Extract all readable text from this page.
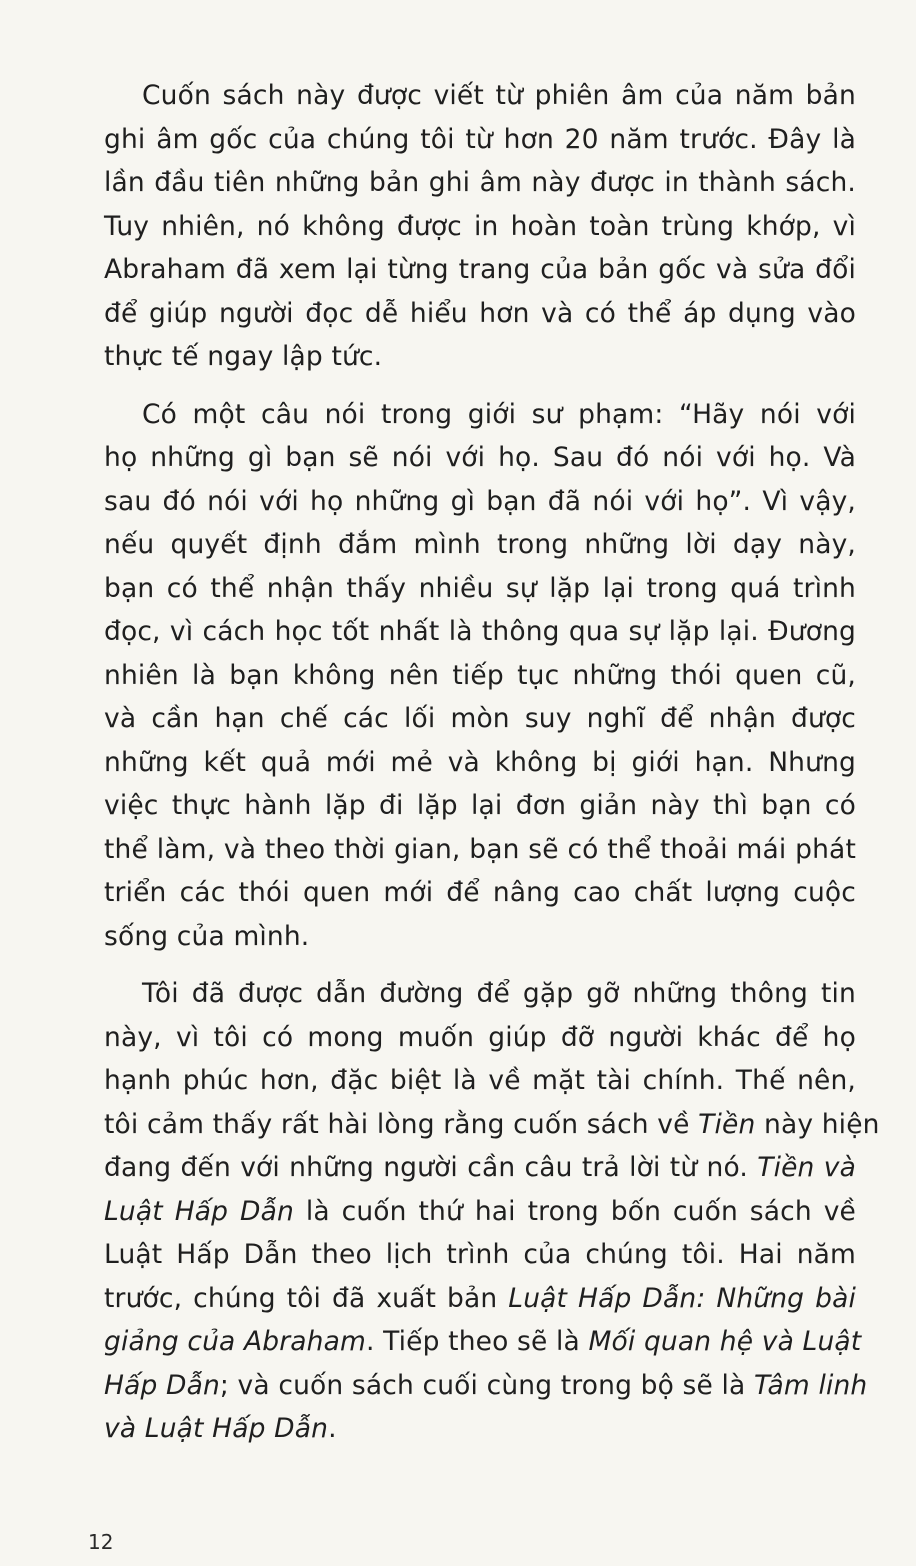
Cuốn sách này được viết từ phiên âm của năm bản
ghi âm gốc của chúng tôi từ hơn 20 năm trước. Đây là
lần đầu tiên những bản ghi âm này được in thành sách.
Tuy nhiên, nó không được in hoàn toàn trùng khớp, vì
Abraham đã xem lại từng trang của bản gốc và sửa đổi
để giúp người đọc dễ hiểu hơn và có thể áp dụng vào
thực tế ngay lập tức.
Có một câu nói trong giới sư phạm: “Hãy nói với
họ những gì bạn sẽ nói với họ. Sau đó nói với họ. Và
sau đó nói với họ những gì bạn đã nói với họ”. Vì vậy,
nếu quyết định đắm mình trong những lời dạy này,
bạn có thể nhận thấy nhiều sự lặp lại trong quá trình
đọc, vì cách học tốt nhất là thông qua sự lặp lại. Đương
nhiên là bạn không nên tiếp tục những thói quen cũ,
và cần hạn chế các lối mòn suy nghĩ để nhận được
những kết quả mới mẻ và không bị giới hạn. Nhưng
việc thực hành lặp đi lặp lại đơn giản này thì bạn có
thể làm, và theo thời gian, bạn sẽ có thể thoải mái phát
triển các thói quen mới để nâng cao chất lượng cuộc
sống của mình.
Tôi đã được dẫn đường để gặp gỡ những thông tin
này, vì tôi có mong muốn giúp đỡ người khác để họ
hạnh phúc hơn, đặc biệt là về mặt tài chính. Thế nên,
tôi cảm thấy rất hài lòng rằng cuốn sách về Tiền này hiện
đang đến với những người cần câu trả lời từ nó. Tiền và
Luật Hấp Dẫn là cuốn thứ hai trong bốn cuốn sách về
Luật Hấp Dẫn theo lịch trình của chúng tôi. Hai năm
trước, chúng tôi đã xuất bản Luật Hấp Dẫn: Những bài
giảng của Abraham. Tiếp theo sẽ là Mối quan hệ và Luật
Hấp Dẫn; và cuốn sách cuối cùng trong bộ sẽ là Tâm linh
và Luật Hấp Dẫn.
12
